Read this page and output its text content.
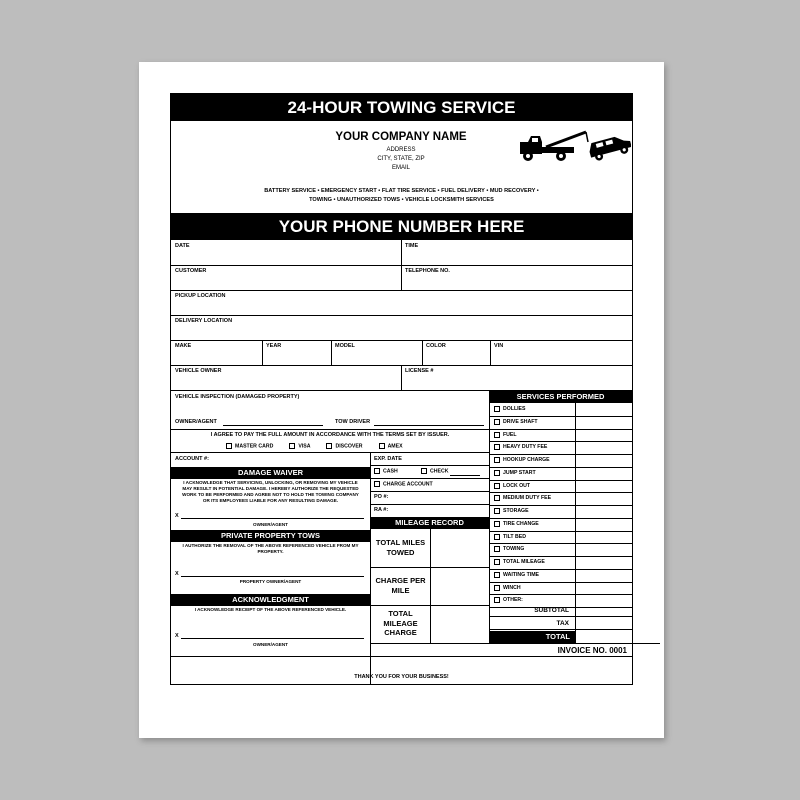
24-HOUR TOWING SERVICE
YOUR COMPANY NAME
ADDRESS
CITY, STATE, ZIP
EMAIL
BATTERY SERVICE • EMERGENCY START • FLAT TIRE SERVICE • FUEL DELIVERY • MUD RECOVERY •
TOWING • UNAUTHORIZED TOWS • VEHICLE LOCKSMITH SERVICES
YOUR PHONE NUMBER HERE
DATE	TIME
CUSTOMER	TELEPHONE NO.
PICKUP LOCATION
DELIVERY LOCATION
MAKE	YEAR	MODEL	COLOR	VIN
VEHICLE OWNER	LICENSE #
VEHICLE INSPECTION (DAMAGED PROPERTY)
OWNER/AGENT	TOW DRIVER
I AGREE TO PAY THE FULL AMOUNT IN ACCORDANCE WITH THE TERMS SET BY ISSUER.
MASTER CARD	VISA	DISCOVER	AMEX
ACCOUNT #:	EXP. DATE
CASH	CHECK
CHARGE ACCOUNT
PO #:
RA #:
MILEAGE RECORD
TOTAL MILES
TOWED
CHARGE PER
MILE
TOTAL
MILEAGE
CHARGE
DAMAGE WAIVER
I ACKNOWLEDGE THAT SERVICING, UNLOCKING, OR REMOVING MY VEHICLE
MAY RESULT IN POTENTIAL DAMAGE. I HEREBY AUTHORIZE THE REQUESTED
WORK TO BE PERFORMED AND AGREE NOT TO HOLD THE TOWING COMPANY
OR ITS EMPLOYEES LIABLE FOR ANY RESULTING DAMAGE.
X
OWNER/AGENT
PRIVATE PROPERTY TOWS
I AUTHORIZE THE REMOVAL OF THE ABOVE REFERENCED VEHICLE FROM MY
PROPERTY.
X
PROPERTY OWNER/AGENT
ACKNOWLEDGMENT
I ACKNOWLEDGE RECEIPT OF THE ABOVE REFERENCED VEHICLE.
X
OWNER/AGENT
SERVICES PERFORMED
SUBTOTAL
TAX
TOTAL
INVOICE NO. 0001
THANK YOU FOR YOUR BUSINESS!
DOLLIES
DRIVE SHAFT
FUEL
HEAVY DUTY FEE
HOOKUP CHARGE
JUMP START
LOCK OUT
MEDIUM DUTY FEE
STORAGE
TIRE CHANGE
TILT BED
TOWING
TOTAL MILEAGE
WAITING TIME
WINCH
OTHER:
